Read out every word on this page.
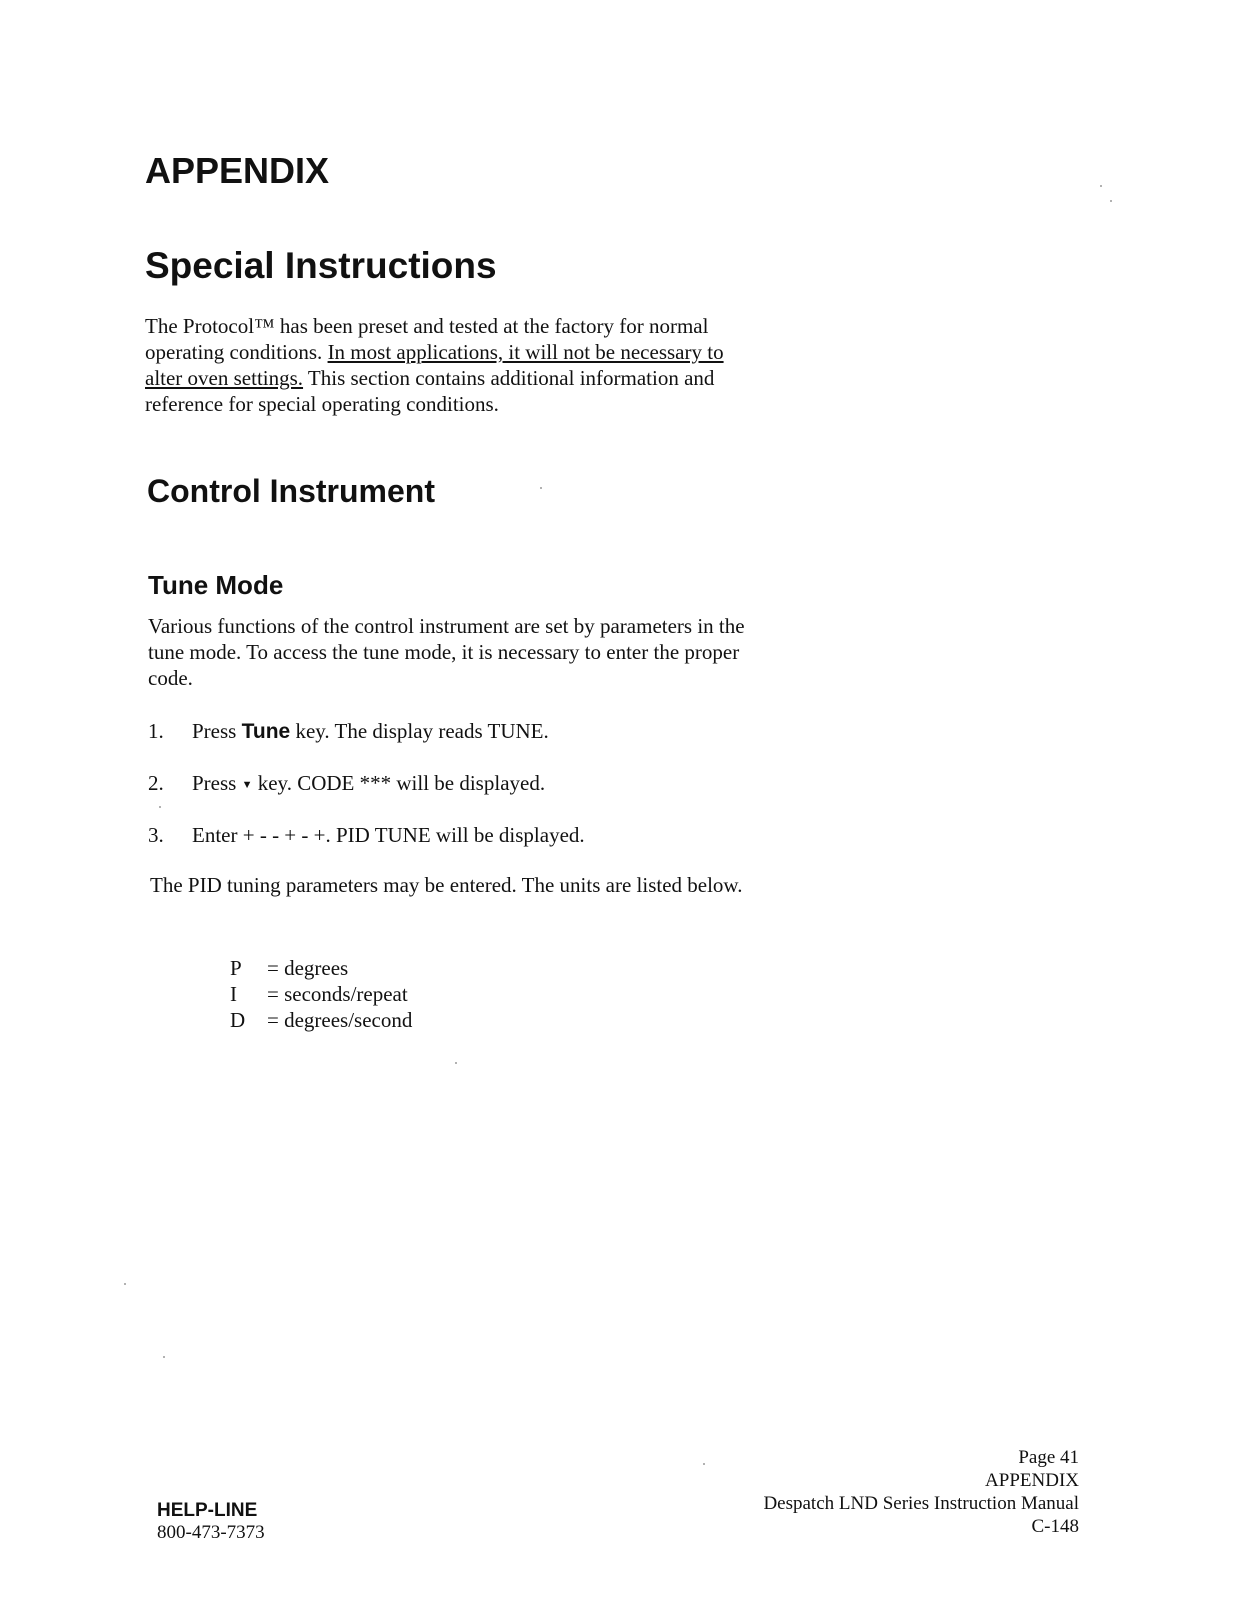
APPENDIX
Special Instructions

The Protocol™ has been preset and tested at the factory for normal operating conditions. In most applications, it will not be necessary to alter oven settings. This section contains additional information and reference for special operating conditions.

Control Instrument
Tune Mode

Various functions of the control instrument are set by parameters in the tune mode. To access the tune mode, it is necessary to enter the proper code.

1. Press Tune key. The display reads TUNE.

2. Press ▼ key. CODE *** will be displayed.

3. Enter + - - + - +. PID TUNE will be displayed.

The PID tuning parameters may be entered. The units are listed below.

P	= degrees
I	= seconds/repeat
D	= degrees/second
HELP-LINE
800-473-7373
Page 41
APPENDIX
Despatch LND Series Instruction Manual
C-148
